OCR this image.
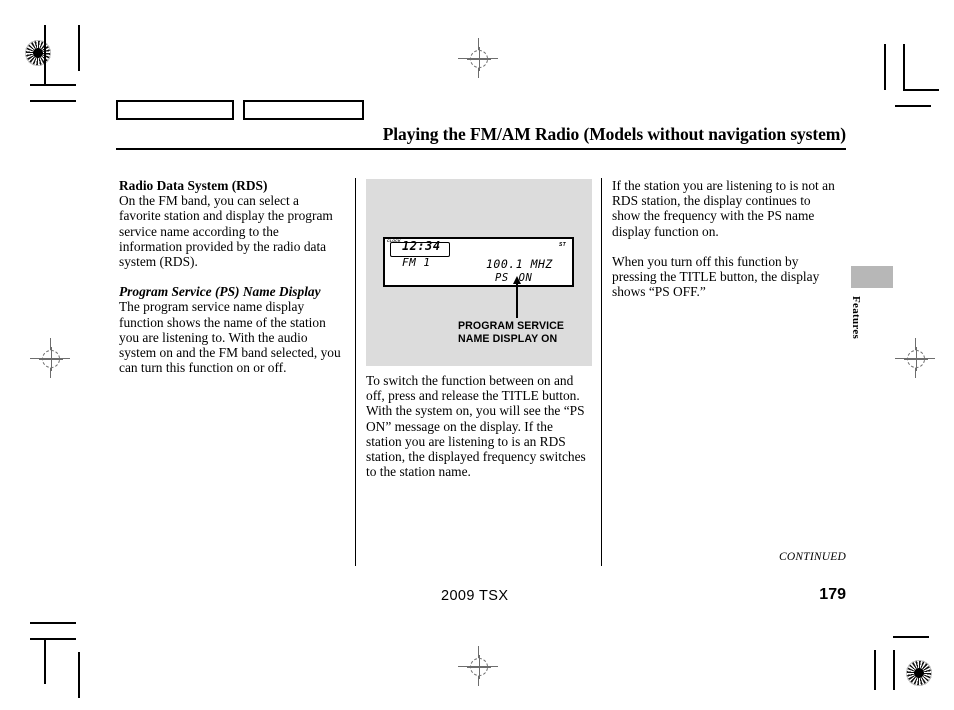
Playing the FM/AM Radio (Models without navigation system)
Radio Data System (RDS)
On the FM band, you can select a favorite station and display the program service name according to the information provided by the radio data system (RDS).
Program Service (PS) Name Display
The program service name display function shows the name of the station you are listening to. With the audio system on and the FM band selected, you can turn this function on or off.
CLOCK 12:34
FM 1
ST
100.1 MHZ
PS ON
PROGRAM SERVICE
NAME DISPLAY ON
To switch the function between on and off, press and release the TITLE button. With the system on, you will see the “PS ON” message on the display. If the station you are listening to is an RDS station, the displayed frequency switches to the station name.
If the station you are listening to is not an RDS station, the display continues to show the frequency with the PS name display function on.
When you turn off this function by pressing the TITLE button, the display shows “PS OFF.”
Features
CONTINUED
2009 TSX	179
